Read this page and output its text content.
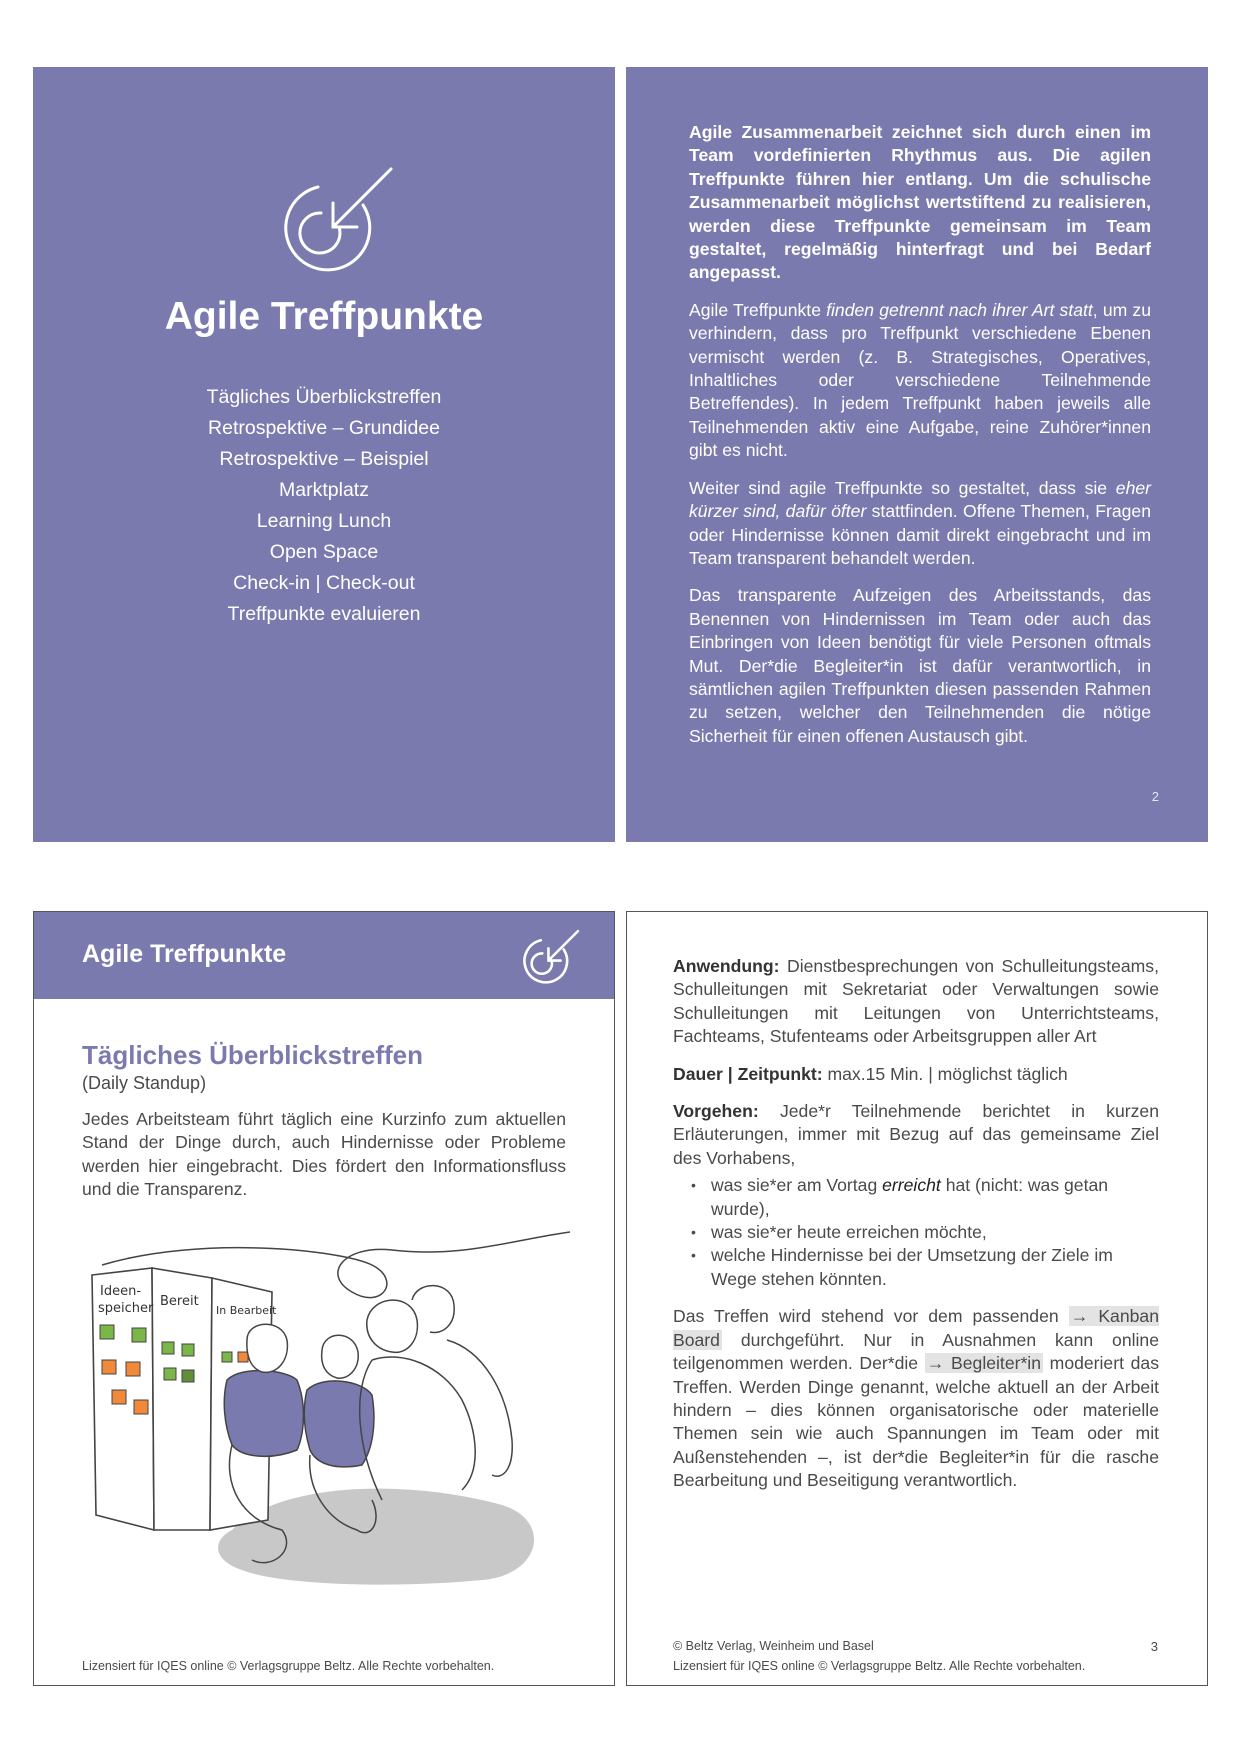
Agile Treffpunkte
Tägliches Überblickstreffen
Retrospektive – Grundidee
Retrospektive – Beispiel
Marktplatz
Learning Lunch
Open Space
Check-in | Check-out
Treffpunkte evaluieren

Agile Zusammenarbeit zeichnet sich durch einen im Team vordefinierten Rhythmus aus. Die agilen Treffpunkte führen hier entlang. Um die schulische Zusammenarbeit möglichst wertstiftend zu realisieren, werden diese Treffpunkte gemeinsam im Team gestaltet, regelmäßig hinterfragt und bei Bedarf angepasst.

Agile Treffpunkte finden getrennt nach ihrer Art statt, um zu verhindern, dass pro Treffpunkt verschiedene Ebenen vermischt werden (z. B. Strategisches, Operatives, Inhaltliches oder verschiedene Teilnehmende Betreffendes). In jedem Treffpunkt haben jeweils alle Teilnehmenden aktiv eine Aufgabe, reine Zuhörer*innen gibt es nicht.

Weiter sind agile Treffpunkte so gestaltet, dass sie eher kürzer sind, dafür öfter stattfinden. Offene Themen, Fragen oder Hindernisse können damit direkt eingebracht und im Team transparent behandelt werden.

Das transparente Aufzeigen des Arbeitsstands, das Benennen von Hindernissen im Team oder auch das Einbringen von Ideen benötigt für viele Personen oftmals Mut. Der*die Begleiter*in ist dafür verantwortlich, in sämtlichen agilen Treffpunkten diesen passenden Rahmen zu setzen, welcher den Teilnehmenden die nötige Sicherheit für einen offenen Austausch gibt.

2
Agile Treffpunkte
Tägliches Überblickstreffen
(Daily Standup)

Jedes Arbeitsteam führt täglich eine Kurzinfo zum aktuellen Stand der Dinge durch, auch Hindernisse oder Probleme werden hier eingebracht. Dies fördert den Informationsfluss und die Transparenz.

Ideen-
speicher Bereit
In Bearbeit
Lizensiert für IQES online © Verlagsgruppe Beltz. Alle Rechte vorbehalten.

Anwendung: Dienstbesprechungen von Schulleitungsteams, Schulleitungen mit Sekretariat oder Verwaltungen sowie Schulleitungen mit Leitungen von Unterrichtsteams, Fachteams, Stufenteams oder Arbeitsgruppen aller Art

Dauer | Zeitpunkt: max.15 Min. | möglichst täglich

Vorgehen: Jede*r Teilnehmende berichtet in kurzen Erläuterungen, immer mit Bezug auf das gemeinsame Ziel des Vorhabens,

• was sie*er am Vortag erreicht hat (nicht: was getan wurde),
• was sie*er heute erreichen möchte,
• welche Hindernisse bei der Umsetzung der Ziele im Wege stehen könnten.

Das Treffen wird stehend vor dem passenden → Kanban Board durchgeführt. Nur in Ausnahmen kann online teilgenommen werden. Der*die → Begleiter*in moderiert das Treffen. Werden Dinge genannt, welche aktuell an der Arbeit hindern – dies können organisatorische oder materielle Themen sein wie auch Spannungen im Team oder mit Außenstehenden –, ist der*die Begleiter*in für die rasche Bearbeitung und Beseitigung verantwortlich.

© Beltz Verlag, Weinheim und Basel
Lizensiert für IQES online © Verlagsgruppe Beltz. Alle Rechte vorbehalten.
3
